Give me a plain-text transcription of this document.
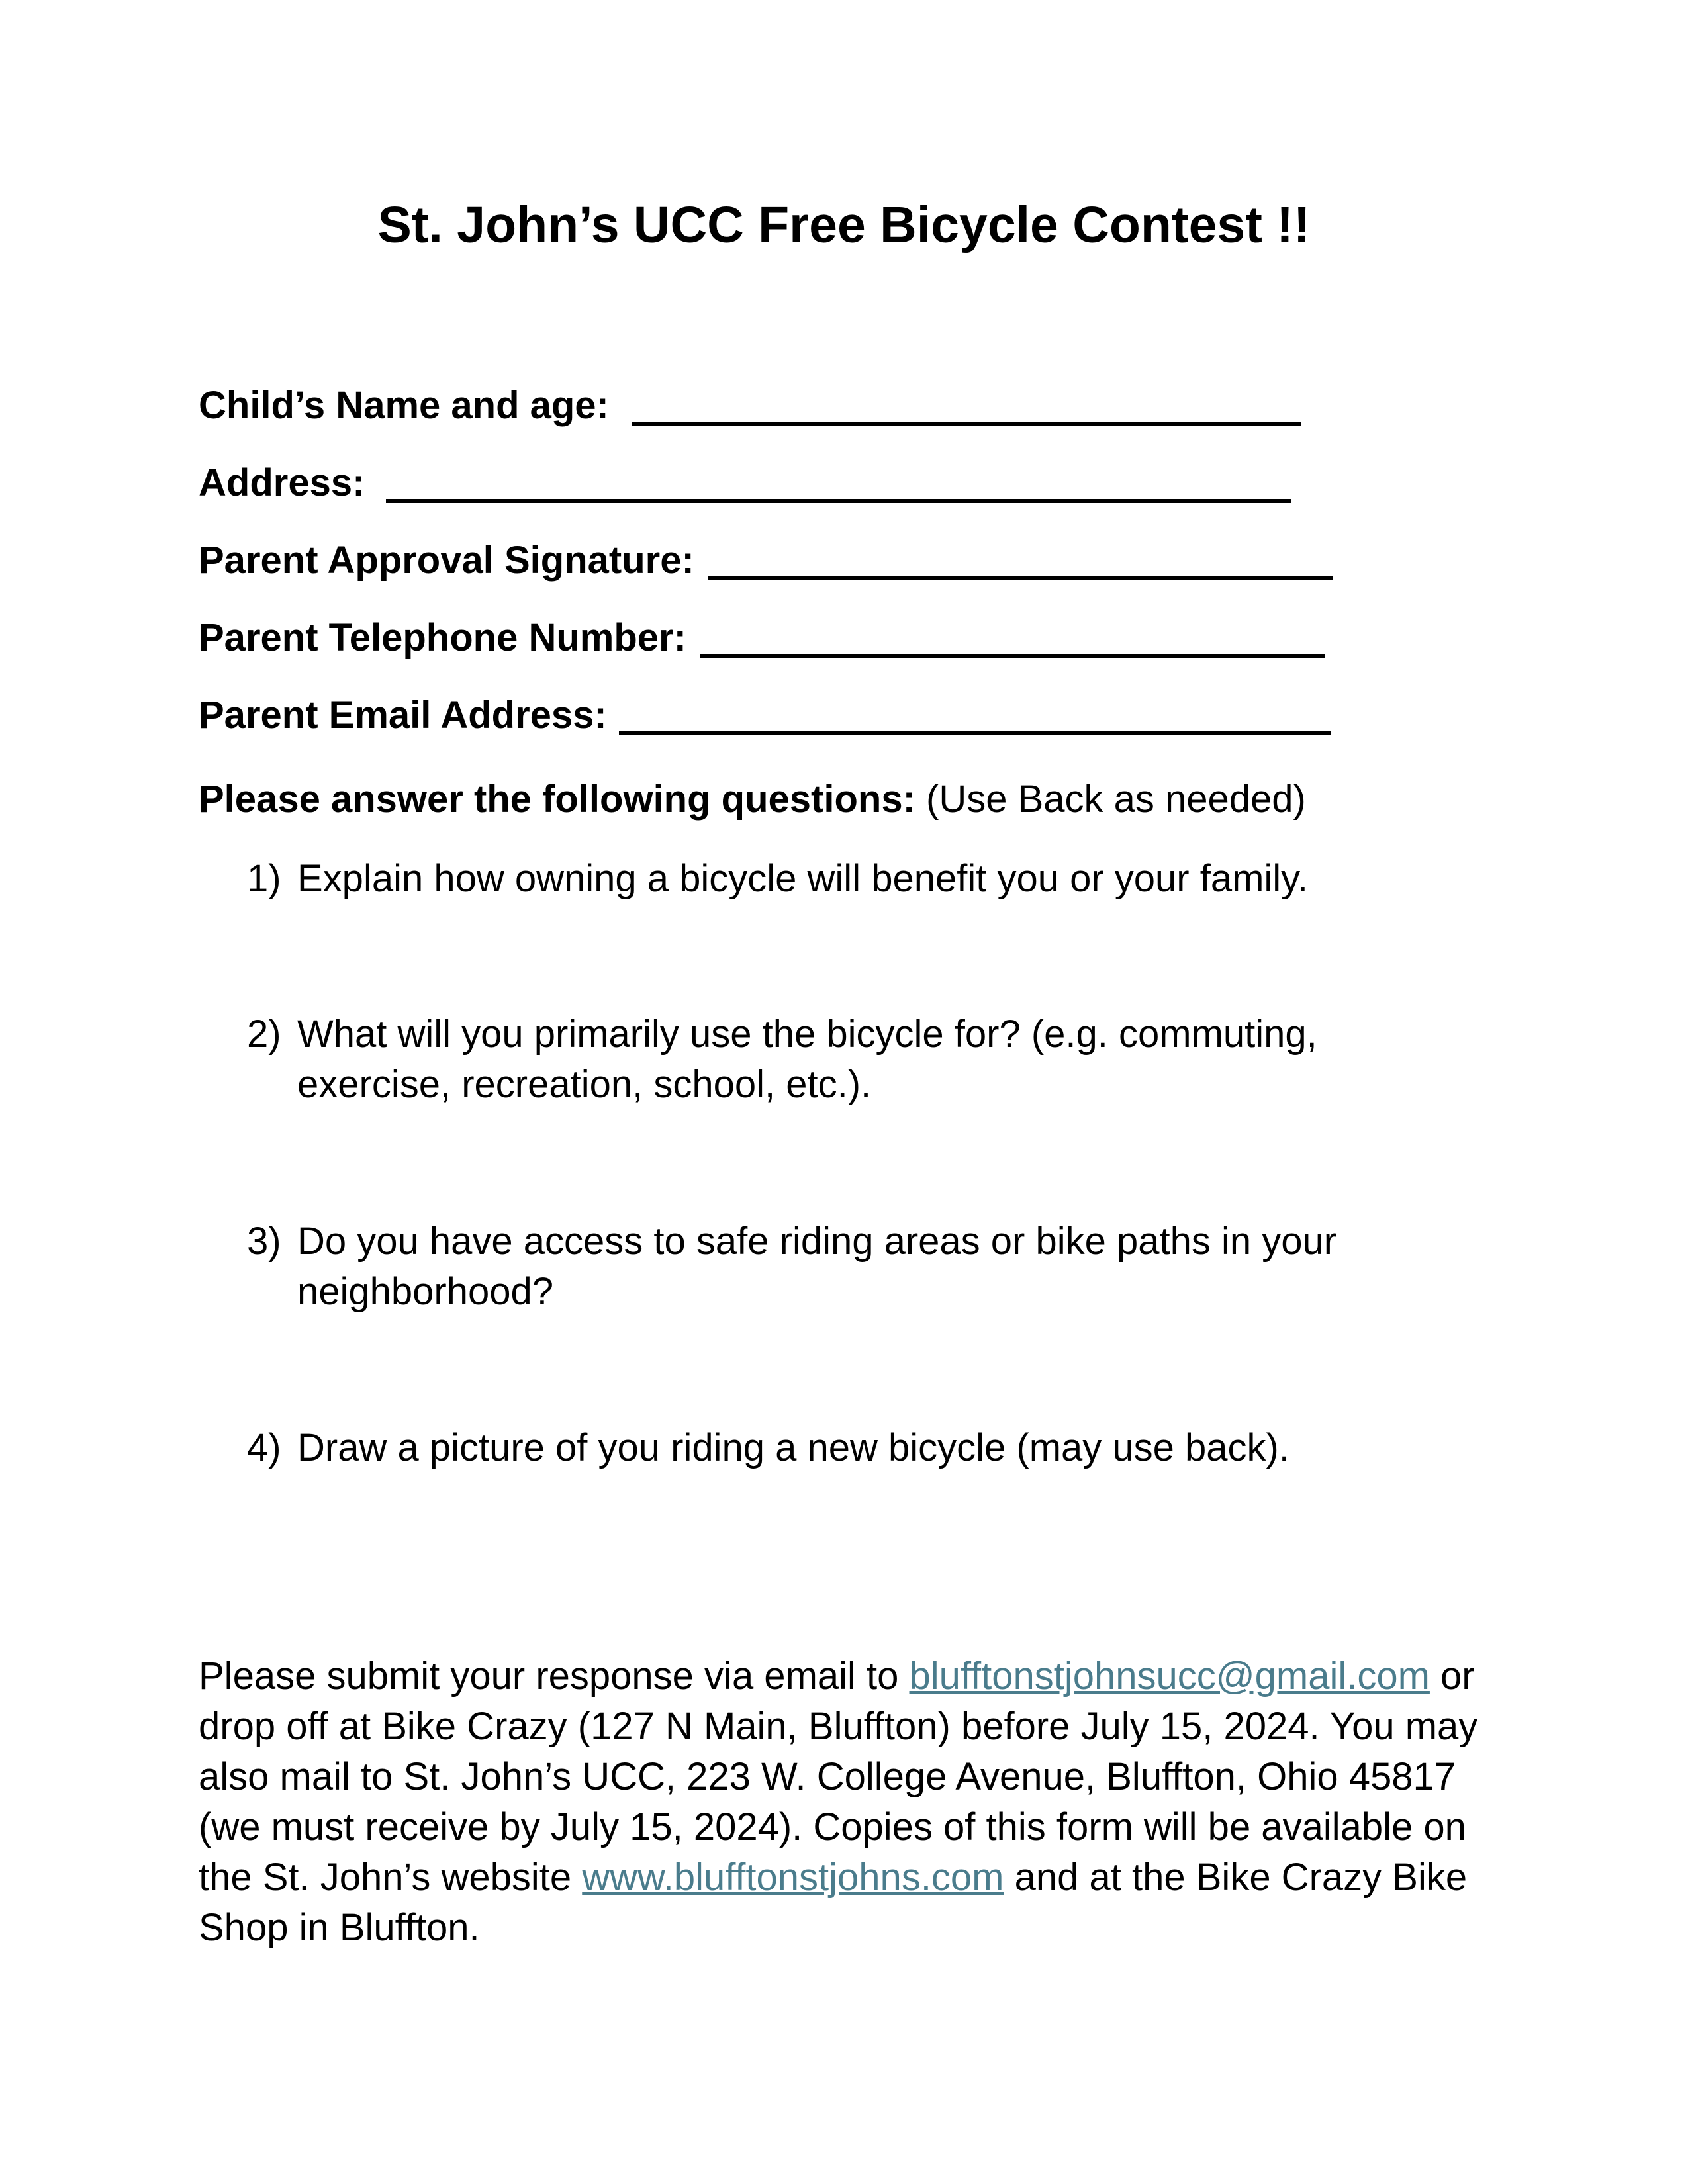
St. John’s UCC Free Bicycle Contest !!
Child’s Name and age:
Address:
Parent Approval Signature:
Parent Telephone Number:
Parent Email Address:
Please answer the following questions: (Use Back as needed)
1) Explain how owning a bicycle will benefit you or your family.
2) What will you primarily use the bicycle for? (e.g. commuting, exercise, recreation, school, etc.).
3) Do you have access to safe riding areas or bike paths in your neighborhood?
4) Draw a picture of you riding a new bicycle (may use back).
Please submit your response via email to blufftonstjohnsucc@gmail.com or drop off at Bike Crazy (127 N Main, Bluffton) before July 15, 2024. You may also mail to St. John’s UCC, 223 W. College Avenue, Bluffton, Ohio 45817 (we must receive by July 15, 2024). Copies of this form will be available on the St. John’s website www.blufftonstjohns.com and at the Bike Crazy Bike Shop in Bluffton.
